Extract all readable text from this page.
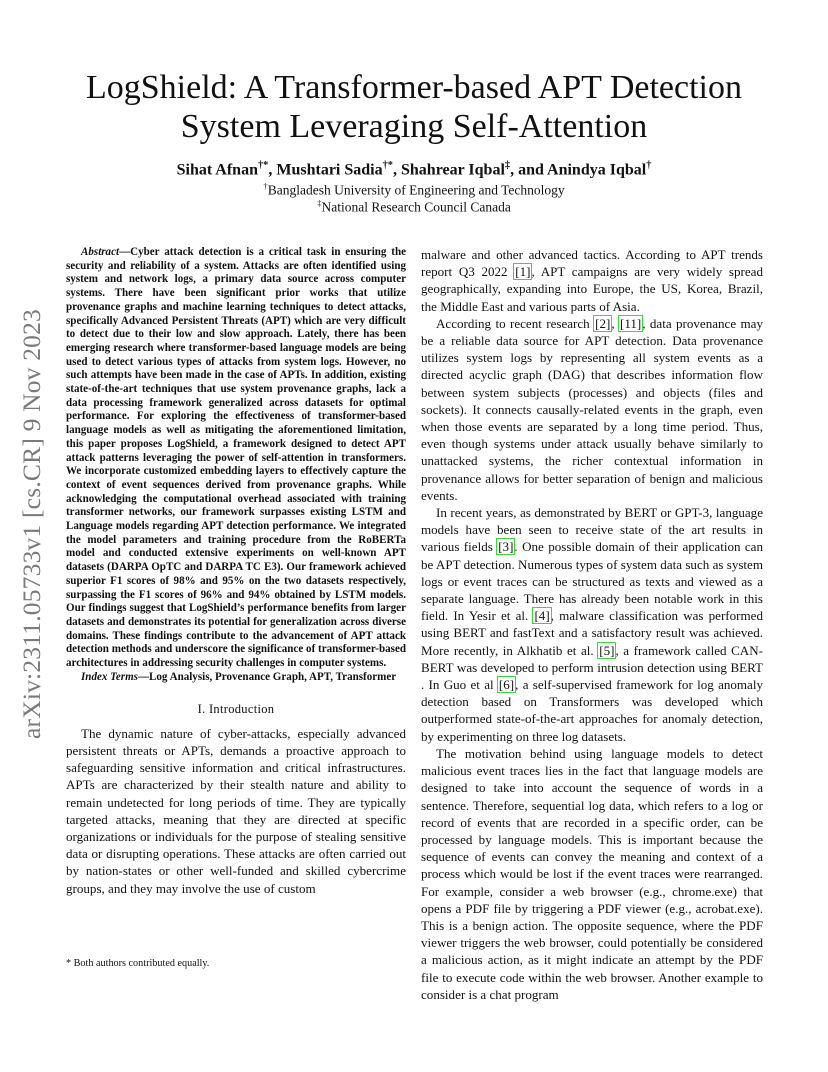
arXiv:2311.05733v1 [cs.CR] 9 Nov 2023
LogShield: A Transformer-based APT Detection
System Leveraging Self-Attention
Sihat Afnan†*, Mushtari Sadia†*, Shahrear Iqbal‡, and Anindya Iqbal†
†Bangladesh University of Engineering and Technology
‡National Research Council Canada

Abstract—Cyber attack detection is a critical task in ensuring the security and reliability of a system. Attacks are often identified using system and network logs, a primary data source across computer systems. There have been significant prior works that utilize provenance graphs and machine learning techniques to detect attacks, specifically Advanced Persistent Threats (APT) which are very difficult to detect due to their low and slow approach. Lately, there has been emerging research where transformer-based language models are being used to detect various types of attacks from system logs. However, no such attempts have been made in the case of APTs. In addition, existing state-of-the-art techniques that use system provenance graphs, lack a data processing framework generalized across datasets for optimal performance. For exploring the effectiveness of transformer-based language models as well as mitigating the aforementioned limitation, this paper proposes LogShield, a framework designed to detect APT attack patterns leveraging the power of self-attention in transformers. We incorporate customized embedding layers to effectively capture the context of event sequences derived from provenance graphs. While acknowledging the computational overhead associated with training transformer networks, our framework surpasses existing LSTM and Language models regarding APT detection performance. We integrated the model parameters and training procedure from the RoBERTa model and conducted extensive experiments on well-known APT datasets (DARPA OpTC and DARPA TC E3). Our framework achieved superior F1 scores of 98% and 95% on the two datasets respectively, surpassing the F1 scores of 96% and 94% obtained by LSTM models. Our findings suggest that LogShield’s performance benefits from larger datasets and demonstrates its potential for generalization across diverse domains. These findings contribute to the advancement of APT attack detection methods and underscore the significance of transformer-based architectures in addressing security challenges in computer systems.

Index Terms—Log Analysis, Provenance Graph, APT, Transformer

I. Introduction

The dynamic nature of cyber-attacks, especially advanced persistent threats or APTs, demands a proactive approach to safeguarding sensitive information and critical infrastructures. APTs are characterized by their stealth nature and ability to remain undetected for long periods of time. They are typically targeted attacks, meaning that they are directed at specific organizations or individuals for the purpose of stealing sensitive data or disrupting operations. These attacks are often carried out by nation-states or other well-funded and skilled cybercrime groups, and they may involve the use of custom

* Both authors contributed equally.

malware and other advanced tactics. According to APT trends report Q3 2022 [1], APT campaigns are very widely spread geographically, expanding into Europe, the US, Korea, Brazil, the Middle East and various parts of Asia.

According to recent research [2], [11], data provenance may be a reliable data source for APT detection. Data provenance utilizes system logs by representing all system events as a directed acyclic graph (DAG) that describes information flow between system subjects (processes) and objects (files and sockets). It connects causally-related events in the graph, even when those events are separated by a long time period. Thus, even though systems under attack usually behave similarly to unattacked systems, the richer contextual information in provenance allows for better separation of benign and malicious events.

In recent years, as demonstrated by BERT or GPT-3, language models have been seen to receive state of the art results in various fields [3]. One possible domain of their application can be APT detection. Numerous types of system data such as system logs or event traces can be structured as texts and viewed as a separate language. There has already been notable work in this field. In Yesir et al. [4], malware classification was performed using BERT and fastText and a satisfactory result was achieved. More recently, in Alkhatib et al. [5], a framework called CAN-BERT was developed to perform intrusion detection using BERT . In Guo et al [6], a self-supervised framework for log anomaly detection based on Transformers was developed which outperformed state-of-the-art approaches for anomaly detection, by experimenting on three log datasets.

The motivation behind using language models to detect malicious event traces lies in the fact that language models are designed to take into account the sequence of words in a sentence. Therefore, sequential log data, which refers to a log or record of events that are recorded in a specific order, can be processed by language models. This is important because the sequence of events can convey the meaning and context of a process which would be lost if the event traces were rearranged. For example, consider a web browser (e.g., chrome.exe) that opens a PDF file by triggering a PDF viewer (e.g., acrobat.exe). This is a benign action. The opposite sequence, where the PDF viewer triggers the web browser, could potentially be considered a malicious action, as it might indicate an attempt by the PDF file to execute code within the web browser. Another example to consider is a chat program
